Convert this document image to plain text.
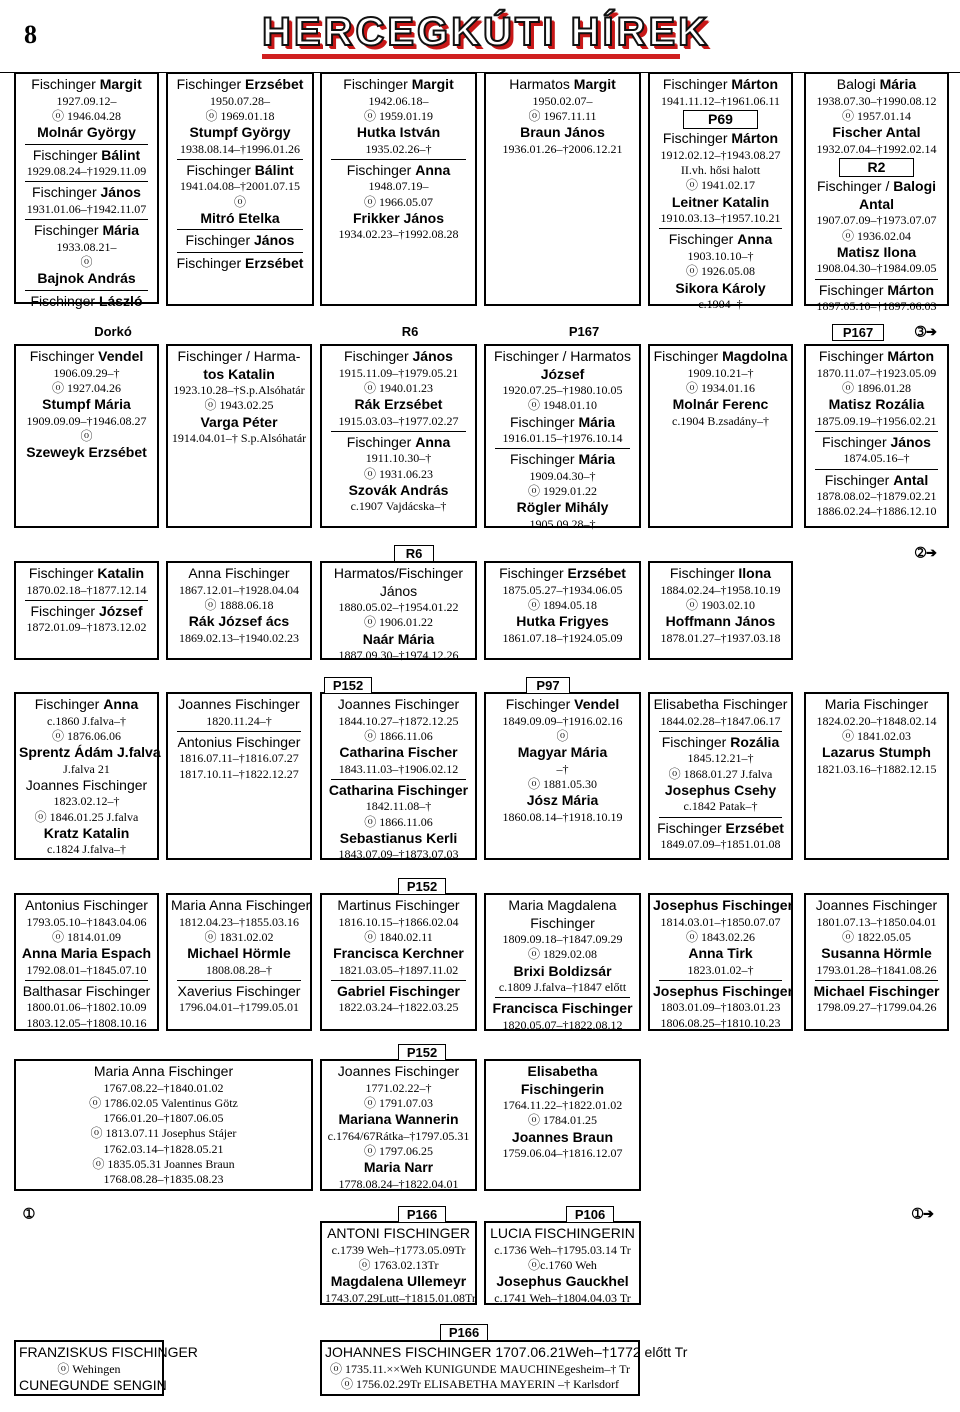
8	HERCEGKÚTI HÍREK
Fischinger Margit
1927.09.12–
ⓞ 1946.04.28
Molnár György
Fischinger Bálint
1929.08.24–†1929.11.09
Fischinger János
1931.01.06–†1942.11.07
Fischinger Mária
1933.08.21–
ⓞ
Bajnok András
Fischinger László
Fischinger Erzsébet
1950.07.28–
ⓞ 1969.01.18
Stumpf György
1938.08.14–†1996.01.26
Fischinger Bálint
1941.04.08–†2001.07.15
ⓞ
Mitró Etelka
Fischinger János
Fischinger Erzsébet
Fischinger Margit
1942.06.18–
ⓞ 1959.01.19
Hutka István
1935.02.26–†
Fischinger Anna
1948.07.19–
ⓞ 1966.05.07
Frikker János
1934.02.23–†1992.08.28
Harmatos Margit
1950.02.07–
ⓞ 1967.11.11
Braun János
1936.01.26–†2006.12.21
Fischinger Márton
1941.11.12–†1961.06.11
P69
Fischinger Márton
1912.02.12–†1943.08.27
II.vh. hősi halott
ⓞ 1941.02.17
Leitner Katalin
1910.03.13–†1957.10.21
Fischinger Anna
1903.10.10–†
ⓞ 1926.05.08
Sikora Károly
c.1904–†
Balogi Mária
1938.07.30–†1990.08.12
ⓞ 1957.01.14
Fischer Antal
1932.07.04–†1992.02.14
R2
Fischinger / Balogi
Antal
1907.07.09–†1973.07.07
ⓞ 1936.02.04
Matisz Ilona
1908.04.30–†1984.09.05
Fischinger Márton
1897.05.10–†1897.06.03
Fischinger Vendel
1906.09.29–†
ⓞ 1927.04.26
Stumpf Mária
1909.09.09–†1946.08.27
ⓞ
Szeweyk Erzsébet
Fischinger / Harma-
tos Katalin
1923.10.28–†S.p.Alsóhatár
ⓞ 1943.02.25
Varga Péter
1914.04.01–† S.p.Alsóhatár
Fischinger János
1915.11.09–†1979.05.21
ⓞ 1940.01.23
Rák Erzsébet
1915.03.03–†1977.02.27
Fischinger Anna
1911.10.30–†
ⓞ 1931.06.23
Szovák András
c.1907 Vajdácska–†
Fischinger / Harmatos
József
1920.07.25–†1980.10.05
ⓞ 1948.01.10
Fischinger Mária
1916.01.15–†1976.10.14
Fischinger Mária
1909.04.30–†
ⓞ 1929.01.22
Rögler Mihály
1905.09.28–†
Fischinger Magdolna
1909.10.21–†
ⓞ 1934.01.16
Molnár Ferenc
c.1904 B.zsadány–†
Fischinger Márton
1870.11.07–†1923.05.09
ⓞ 1896.01.28
Matisz Rozália
1875.09.19–†1956.02.21
Fischinger János
1874.05.16–†
Fischinger Antal
1878.08.02–†1879.02.21
1886.02.24–†1886.12.10
Fischinger Katalin
1870.02.18–†1877.12.14
Fischinger József
1872.01.09–†1873.12.02
Anna Fischinger
1867.12.01–†1928.04.04
ⓞ 1888.06.18
Rák József ács
1869.02.13–†1940.02.23
Harmatos/Fischinger
János
1880.05.02–†1954.01.22
ⓞ 1906.01.22
Naár Mária
1887.09.30–†1974.12.26
Fischinger Erzsébet
1875.05.27–†1934.06.05
ⓞ 1894.05.18
Hutka Frigyes
1861.07.18–†1924.05.09
Fischinger Ilona
1884.02.24–†1958.10.19
ⓞ 1903.02.10
Hoffmann János
1878.01.27–†1937.03.18
Fischinger Anna
c.1860 J.falva–†
ⓞ 1876.06.06
Sprentz Ádám J.falva
J.falva 21
Joannes Fischinger
1823.02.12–†
ⓞ 1846.01.25 J.falva
Kratz Katalin
c.1824 J.falva–†
Joannes Fischinger
1820.11.24–†
Antonius Fischinger
1816.07.11–†1816.07.27
1817.10.11–†1822.12.27
Joannes Fischinger
1844.10.27–†1872.12.25
ⓞ 1866.11.06
Catharina Fischer
1843.11.03–†1906.02.12
Catharina Fischinger
1842.11.08–†
ⓞ 1866.11.06
Sebastianus Kerli
1843.07.09–†1873.07.03
Fischinger Vendel
1849.09.09–†1916.02.16
ⓞ
Magyar Mária
–†
ⓞ 1881.05.30
Jósz Mária
1860.08.14–†1918.10.19
Elisabetha Fischinger
1844.02.28–†1847.06.17
Fischinger Rozália
1845.12.21–†
ⓞ 1868.01.27 J.falva
Josephus Csehy
c.1842 Patak–†
Fischinger Erzsébet
1849.07.09–†1851.01.08
Maria Fischinger
1824.02.20–†1848.02.14
ⓞ 1841.02.03
Lazarus Stumph
1821.03.16–†1882.12.15
Antonius Fischinger
1793.05.10–†1843.04.06
ⓞ 1814.01.09
Anna Maria Espach
1792.08.01–†1845.07.10
Balthasar Fischinger
1800.01.06–†1802.10.09
1803.12.05–†1808.10.16
Maria Anna Fischinger
1812.04.23–†1855.03.16
ⓞ 1831.02.02
Michael Hörmle
1808.08.28–†
Xaverius Fischinger
1796.04.01–†1799.05.01
Martinus Fischinger
1816.10.15–†1866.02.04
ⓞ 1840.02.11
Francisca Kerchner
1821.03.05–†1897.11.02
Gabriel Fischinger
1822.03.24–†1822.03.25
Maria Magdalena
Fischinger
1809.09.18–†1847.09.29
ⓞ 1829.02.08
Brixi Boldizsár
c.1809 J.falva–†1847 előtt
Francisca Fischinger
1820.05.07–†1822.08.12
Josephus Fischinger
1814.03.01–†1850.07.07
ⓞ 1843.02.26
Anna Tirk
1823.01.02–†
Josephus Fischinger
1803.01.09–†1803.01.23
1806.08.25–†1810.10.23
Joannes Fischinger
1801.07.13–†1850.04.01
ⓞ 1822.05.05
Susanna Hörmle
1793.01.28–†1841.08.26
Michael Fischinger
1798.09.27–†1799.04.26
Maria Anna Fischinger
1767.08.22–†1840.01.02
ⓞ 1786.02.05 Valentinus Götz
1766.01.20–†1807.06.05
ⓞ 1813.07.11 Josephus Stájer
1762.03.14–†1828.05.21
ⓞ 1835.05.31 Joannes Braun
1768.08.28–†1835.08.23
Joannes Fischinger
1771.02.22–†
ⓞ 1791.07.03
Mariana Wannerin
c.1764/67Rátka–†1797.05.31
ⓞ 1797.06.25
Maria Narr
1778.08.24–†1822.04.01
Elisabetha
Fischingerin
1764.11.22–†1822.01.02
ⓞ 1784.01.25
Joannes Braun
1759.06.04–†1816.12.07
ANTONI FISCHINGER
c.1739 Weh–†1773.05.09Tr
ⓞ 1763.02.13Tr
Magdalena Ullemeyr
1743.07.29Lutt–†1815.01.08Tr
LUCIA FISCHINGERIN
c.1736 Weh–†1795.03.14 Tr
ⓞc.1760 Weh
Josephus Gauckhel
c.1741 Weh–†1804.04.03 Tr
FRANZISKUS FISCHINGER
ⓞ Wehingen
CUNEGUNDE SENGIN
JOHANNES FISCHINGER 1707.06.21Weh–†1772 előtt Tr
ⓞ 1735.11.××Weh KUNIGUNDE MAUCHINEgesheim–† Tr
ⓞ 1756.02.29Tr ELISABETHA MAYERIN –† Karlsdorf
Dorkó	R6	P167	P167	➂➔
R6	➁➔
P152	P97
P152
P152
➀	P166	P106	➀➔
P166
